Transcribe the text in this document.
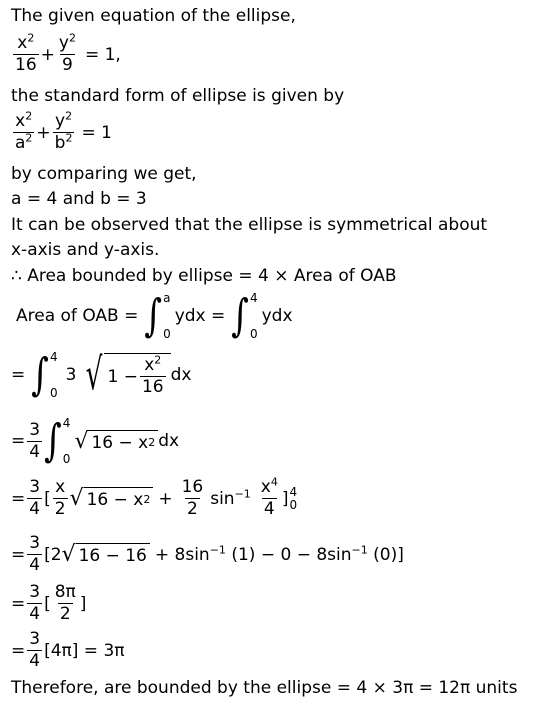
The given equation of the ellipse,
$\frac{x^2}{16} + \frac{y^2}{9} = 1$,
the standard form of ellipse is given by
$\frac{x^2}{a^2} + \frac{y^2}{b^2} = 1$
by comparing we get,
a = 4 and b = 3
It can be observed that the ellipse is symmetrical about
x-axis and y-axis.
∴ Area bounded by ellipse = 4 × Area of OAB
Area of OAB = ∫ a
0
ydx = ∫ 4
0
ydx
= ∫ 4
0
3 √ $1 - \frac{x^2}{16}$ dx
= $\frac{3}{4}$ ∫ 4
0
√ 16 − x 2 dx
= $\frac{3}{4}$ [ $\frac{x}{2}$ √ 16 − x $2 + \frac{16}{2} \sin^{-1} \frac{x^4}{4}$ ] 4
0
= $\frac{3}{4} [2$ √ $16 - 16 + 8\sin^{-1}$ $(1) - 0 - 8\sin^{-1}$ (0)]
= $\frac{3}{4}$ [ $\frac{8\pi}{2}$ ]
= $\frac{3}{4} [4\pi] = 3\pi$
Therefore, are bounded by the ellipse = 4 × 3π = 12π units
